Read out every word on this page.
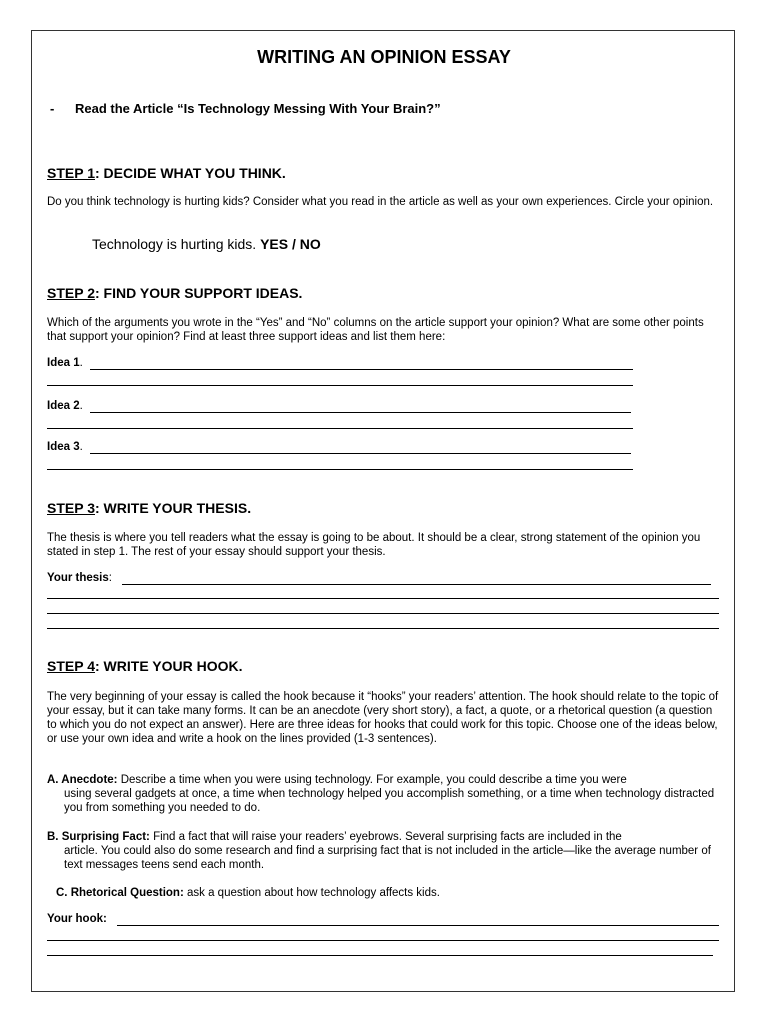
WRITING AN OPINION ESSAY
- Read the Article “Is Technology Messing With Your Brain?”
STEP 1: DECIDE WHAT YOU THINK.
Do you think technology is hurting kids? Consider what you read in the article as well as your own experiences. Circle your opinion.
Technology is hurting kids. YES / NO
STEP 2: FIND YOUR SUPPORT IDEAS.
Which of the arguments you wrote in the “Yes” and “No” columns on the article support your opinion? What are some other points that support your opinion? Find at least three support ideas and list them here:
Idea 1.
Idea 2.
Idea 3.
STEP 3: WRITE YOUR THESIS.
The thesis is where you tell readers what the essay is going to be about. It should be a clear, strong statement of the opinion you stated in step 1. The rest of your essay should support your thesis.
Your thesis:
STEP 4: WRITE YOUR HOOK.
The very beginning of your essay is called the hook because it “hooks” your readers’ attention. The hook should relate to the topic of your essay, but it can take many forms. It can be an anecdote (very short story), a fact, a quote, or a rhetorical question (a question to which you do not expect an answer). Here are three ideas for hooks that could work for this topic. Choose one of the ideas below, or use your own idea and write a hook on the lines provided (1-3 sentences).
A. Anecdote: Describe a time when you were using technology. For example, you could describe a time you were
using several gadgets at once, a time when technology helped you accomplish something, or a time when technology distracted you from something you needed to do.
B. Surprising Fact: Find a fact that will raise your readers’ eyebrows. Several surprising facts are included in the
article. You could also do some research and find a surprising fact that is not included in the article—like the average number of text messages teens send each month.
C. Rhetorical Question: ask a question about how technology affects kids.
Your hook:
